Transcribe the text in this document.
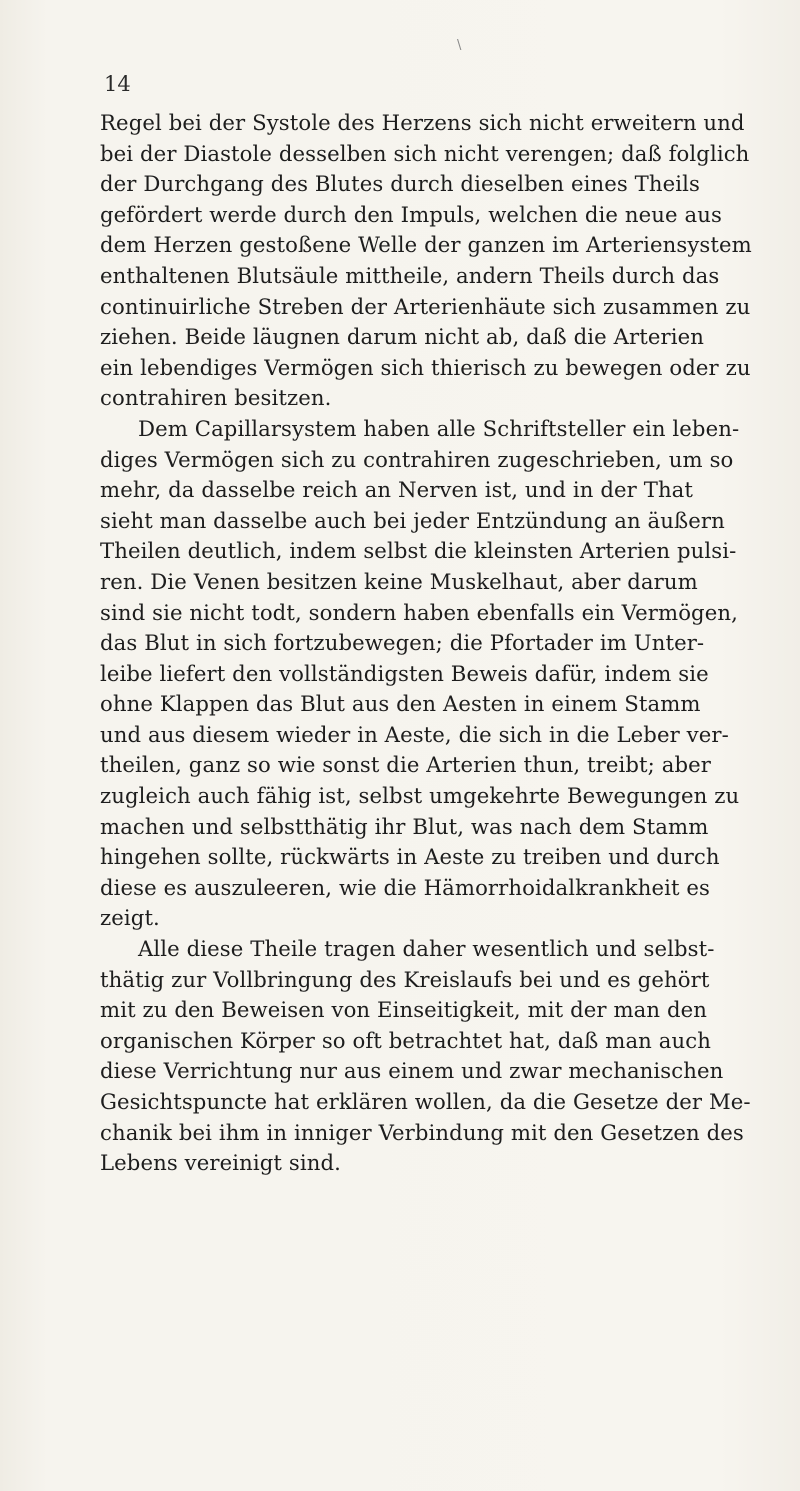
\
14

Regel bei der Systole des Herzens sich nicht erweitern und
bei der Diastole desselben sich nicht verengen; daß folglich
der Durchgang des Blutes durch dieselben eines Theils
gefördert werde durch den Impuls, welchen die neue aus
dem Herzen gestoßene Welle der ganzen im Arteriensystem
enthaltenen Blutsäule mittheile, andern Theils durch das
continuirliche Streben der Arterienhäute sich zusammen zu
ziehen. Beide läugnen darum nicht ab, daß die Arterien
ein lebendiges Vermögen sich thierisch zu bewegen oder zu
contrahiren besitzen.

Dem Capillarsystem haben alle Schriftsteller ein leben-
diges Vermögen sich zu contrahiren zugeschrieben, um so
mehr, da dasselbe reich an Nerven ist, und in der That
sieht man dasselbe auch bei jeder Entzündung an äußern
Theilen deutlich, indem selbst die kleinsten Arterien pulsi-
ren. Die Venen besitzen keine Muskelhaut, aber darum
sind sie nicht todt, sondern haben ebenfalls ein Vermögen,
das Blut in sich fortzubewegen; die Pfortader im Unter-
leibe liefert den vollständigsten Beweis dafür, indem sie
ohne Klappen das Blut aus den Aesten in einem Stamm
und aus diesem wieder in Aeste, die sich in die Leber ver-
theilen, ganz so wie sonst die Arterien thun, treibt; aber
zugleich auch fähig ist, selbst umgekehrte Bewegungen zu
machen und selbstthätig ihr Blut, was nach dem Stamm
hingehen sollte, rückwärts in Aeste zu treiben und durch
diese es auszuleeren, wie die Hämorrhoidalkrankheit es
zeigt.

Alle diese Theile tragen daher wesentlich und selbst-
thätig zur Vollbringung des Kreislaufs bei und es gehört
mit zu den Beweisen von Einseitigkeit, mit der man den
organischen Körper so oft betrachtet hat, daß man auch
diese Verrichtung nur aus einem und zwar mechanischen
Gesichtspuncte hat erklären wollen, da die Gesetze der Me-
chanik bei ihm in inniger Verbindung mit den Gesetzen des
Lebens vereinigt sind.
